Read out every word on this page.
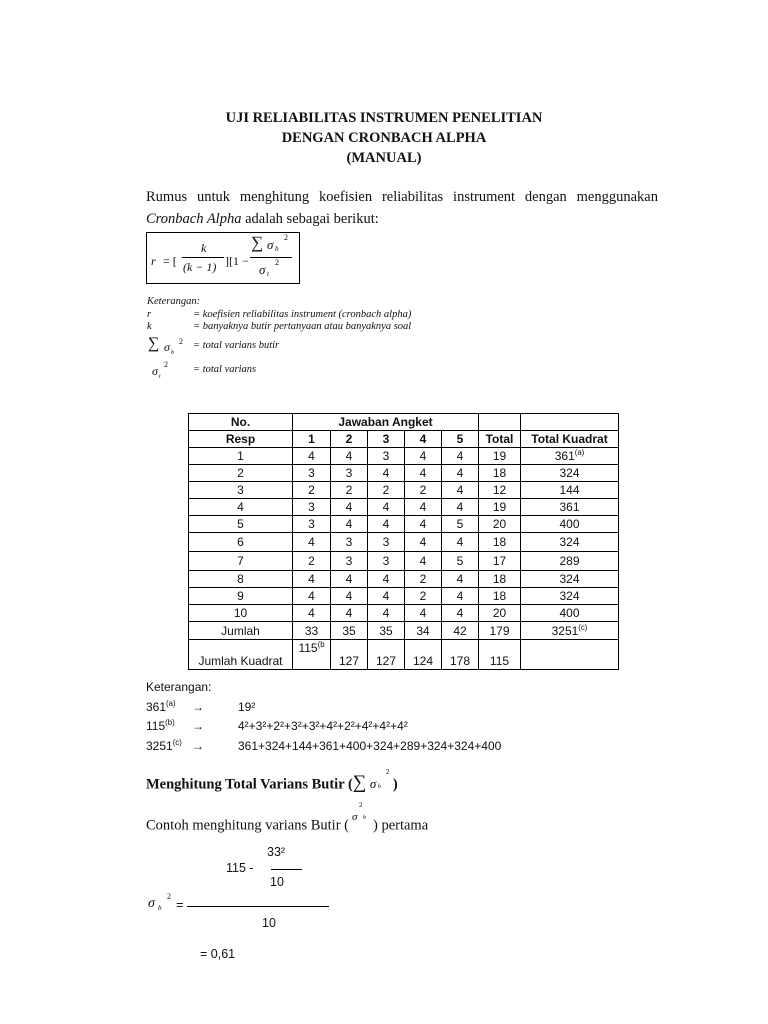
UJI RELIABILITAS INSTRUMEN PENELITIAN
DENGAN CRONBACH ALPHA
(MANUAL)
Rumus untuk menghitung koefisien reliabilitas instrument dengan menggunakan Cronbach Alpha adalah sebagai berikut:
r = [
k
(k − 1) ][1 −
∑ σ b
2
σ t
2
Keterangan:
r	= koefisien reliabilitas instrument (cronbach alpha)
k	= banyaknya butir pertanyaan atau banyaknya soal
∑ σ b
2 = total varians butir
σ t
2
= total varians
No.	Jawaban Angket						
Resp	1	2	3	4	5	Total	Total Kuadrat
1	4	4	3	4	4	19	361$^{(a)}$
2	3	3	4	4	4	18	324
3	2	2	2	2	4	12	144
4	3	4	4	4	4	19	361
5	3	4	4	4	5	20	400
6	4	3	3	4	4	18	324
7	2	3	3	4	5	17	289
8	4	4	4	2	4	18	324
9	4	4	4	2	4	18	324
10	4	4	4	4	4	20	400
Jumlah	33	35	35	34	42	179	3251$^{(c)}$
Jumlah Kuadrat	115$^{(b}$	127	127	124	178	115	
Keterangan:
$361^{(a)}$	→	19²
$115^{(b)}$	→	4²+3²+2²+3²+3²+4²+2²+4²+4²+4²
$3251^{(c)}$ →	361+324+144+361+400+324+289+324+324+400
Menghitung Total Varians Butir ( ∑ σ b
2
)
Contoh menghitung varians Butir (
σ b
2
) pertama
33²
115 -
10
σ b
2
=
10
= 0,61
